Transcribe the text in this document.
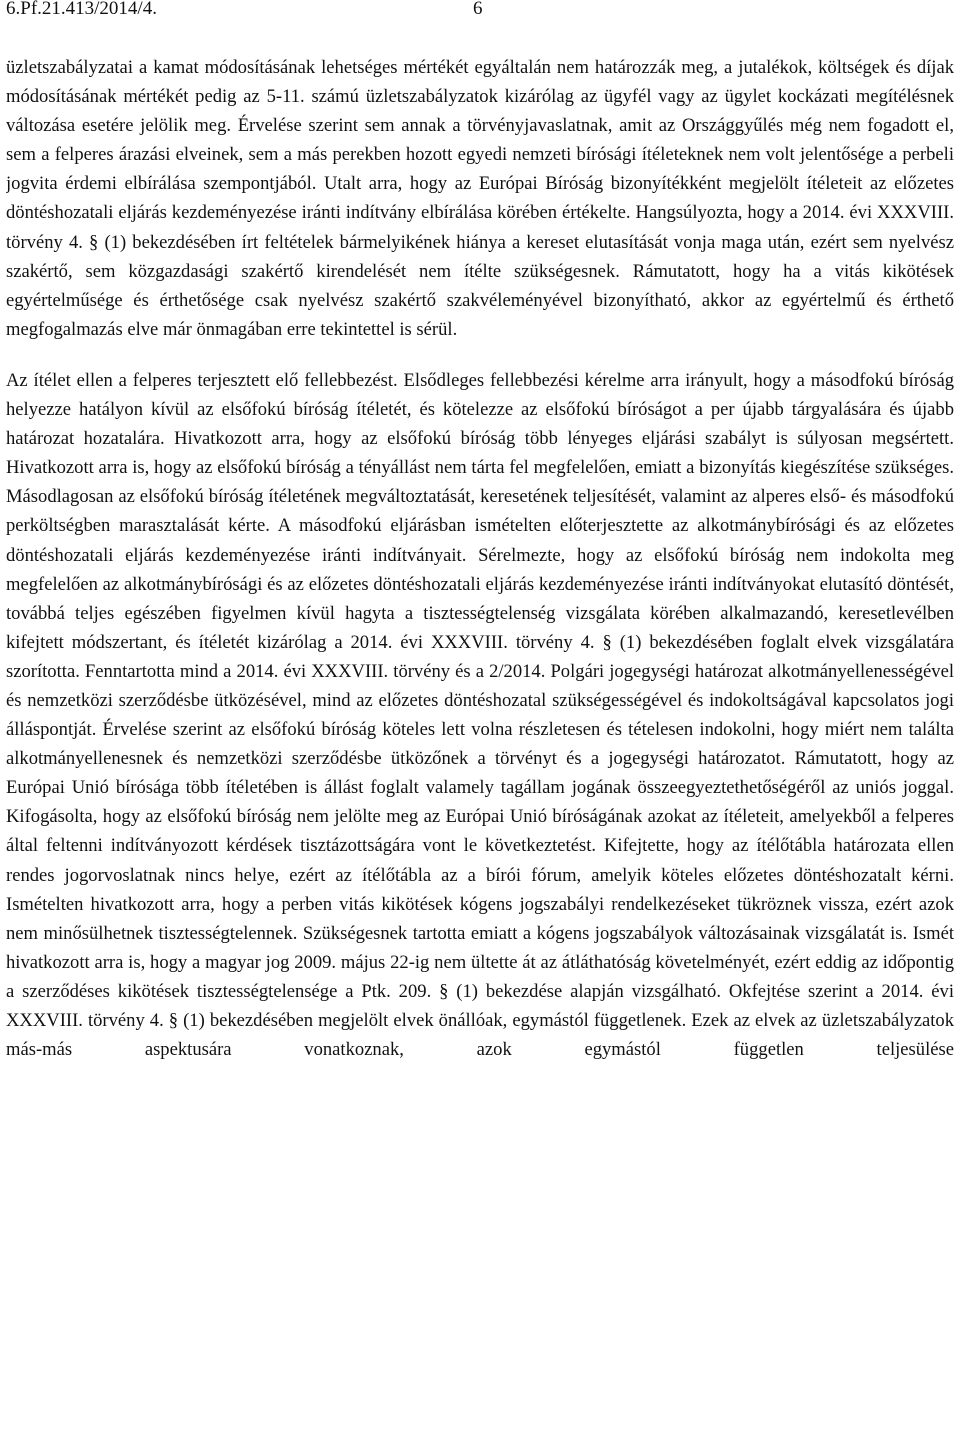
6.Pf.21.413/2014/4.	6

üzletszabályzatai a kamat módosításának lehetséges mértékét egyáltalán nem határozzák meg, a jutalékok, költségek és díjak módosításának mértékét pedig az 5-11. számú üzletszabályzatok kizárólag az ügyfél vagy az ügylet kockázati megítélésnek változása esetére jelölik meg. Érvelése szerint sem annak a törvényjavaslatnak, amit az Országgyűlés még nem fogadott el, sem a felperes árazási elveinek, sem a más perekben hozott egyedi nemzeti bírósági ítéleteknek nem volt jelentősége a perbeli jogvita érdemi elbírálása szempontjából. Utalt arra, hogy az Európai Bíróság bizonyítékként megjelölt ítéleteit az előzetes döntéshozatali eljárás kezdeményezése iránti indítvány elbírálása körében értékelte. Hangsúlyozta, hogy a 2014. évi XXXVIII. törvény 4. § (1) bekezdésében írt feltételek bármelyikének hiánya a kereset elutasítását vonja maga után, ezért sem nyelvész szakértő, sem közgazdasági szakértő kirendelését nem ítélte szükségesnek. Rámutatott, hogy ha a vitás kikötések egyértelműsége és érthetősége csak nyelvész szakértő szakvéleményével bizonyítható, akkor az egyértelmű és érthető megfogalmazás elve már önmagában erre tekintettel is sérül.

Az ítélet ellen a felperes terjesztett elő fellebbezést. Elsődleges fellebbezési kérelme arra irányult, hogy a másodfokú bíróság helyezze hatályon kívül az elsőfokú bíróság ítéletét, és kötelezze az elsőfokú bíróságot a per újabb tárgyalására és újabb határozat hozatalára. Hivatkozott arra, hogy az elsőfokú bíróság több lényeges eljárási szabályt is súlyosan megsértett. Hivatkozott arra is, hogy az elsőfokú bíróság a tényállást nem tárta fel megfelelően, emiatt a bizonyítás kiegészítése szükséges. Másodlagosan az elsőfokú bíróság ítéletének megváltoztatását, keresetének teljesítését, valamint az alperes első- és másodfokú perköltségben marasztalását kérte. A másodfokú eljárásban ismételten előterjesztette az alkotmánybírósági és az előzetes döntéshozatali eljárás kezdeményezése iránti indítványait. Sérelmezte, hogy az elsőfokú bíróság nem indokolta meg megfelelően az alkotmánybírósági és az előzetes döntéshozatali eljárás kezdeményezése iránti indítványokat elutasító döntését, továbbá teljes egészében figyelmen kívül hagyta a tisztességtelenség vizsgálata körében alkalmazandó, keresetlevélben kifejtett módszertant, és ítéletét kizárólag a 2014. évi XXXVIII. törvény 4. § (1) bekezdésében foglalt elvek vizsgálatára szorította. Fenntartotta mind a 2014. évi XXXVIII. törvény és a 2/2014. Polgári jogegységi határozat alkotmányellenességével és nemzetközi szerződésbe ütközésével, mind az előzetes döntéshozatal szükségességével és indokoltságával kapcsolatos jogi álláspontját. Érvelése szerint az elsőfokú bíróság köteles lett volna részletesen és tételesen indokolni, hogy miért nem találta alkotmányellenesnek és nemzetközi szerződésbe ütközőnek a törvényt és a jogegységi határozatot. Rámutatott, hogy az Európai Unió bírósága több ítéletében is állást foglalt valamely tagállam jogának összeegyeztethetőségéről az uniós joggal. Kifogásolta, hogy az elsőfokú bíróság nem jelölte meg az Európai Unió bíróságának azokat az ítéleteit, amelyekből a felperes által feltenni indítványozott kérdések tisztázottságára vont le következtetést. Kifejtette, hogy az ítélőtábla határozata ellen rendes jogorvoslatnak nincs helye, ezért az ítélőtábla az a bírói fórum, amelyik köteles előzetes döntéshozatalt kérni. Ismételten hivatkozott arra, hogy a perben vitás kikötések kógens jogszabályi rendelkezéseket tükröznek vissza, ezért azok nem minősülhetnek tisztességtelennek. Szükségesnek tartotta emiatt a kógens jogszabályok változásainak vizsgálatát is. Ismét hivatkozott arra is, hogy a magyar jog 2009. május 22-ig nem ültette át az átláthatóság követelményét, ezért eddig az időpontig a szerződéses kikötések tisztességtelensége a Ptk. 209. § (1) bekezdése alapján vizsgálható. Okfejtése szerint a 2014. évi XXXVIII. törvény 4. § (1) bekezdésében megjelölt elvek önállóak, egymástól függetlenek. Ezek az elvek az üzletszabályzatok más-más aspektusára vonatkoznak, azok egymástól független teljesülése
